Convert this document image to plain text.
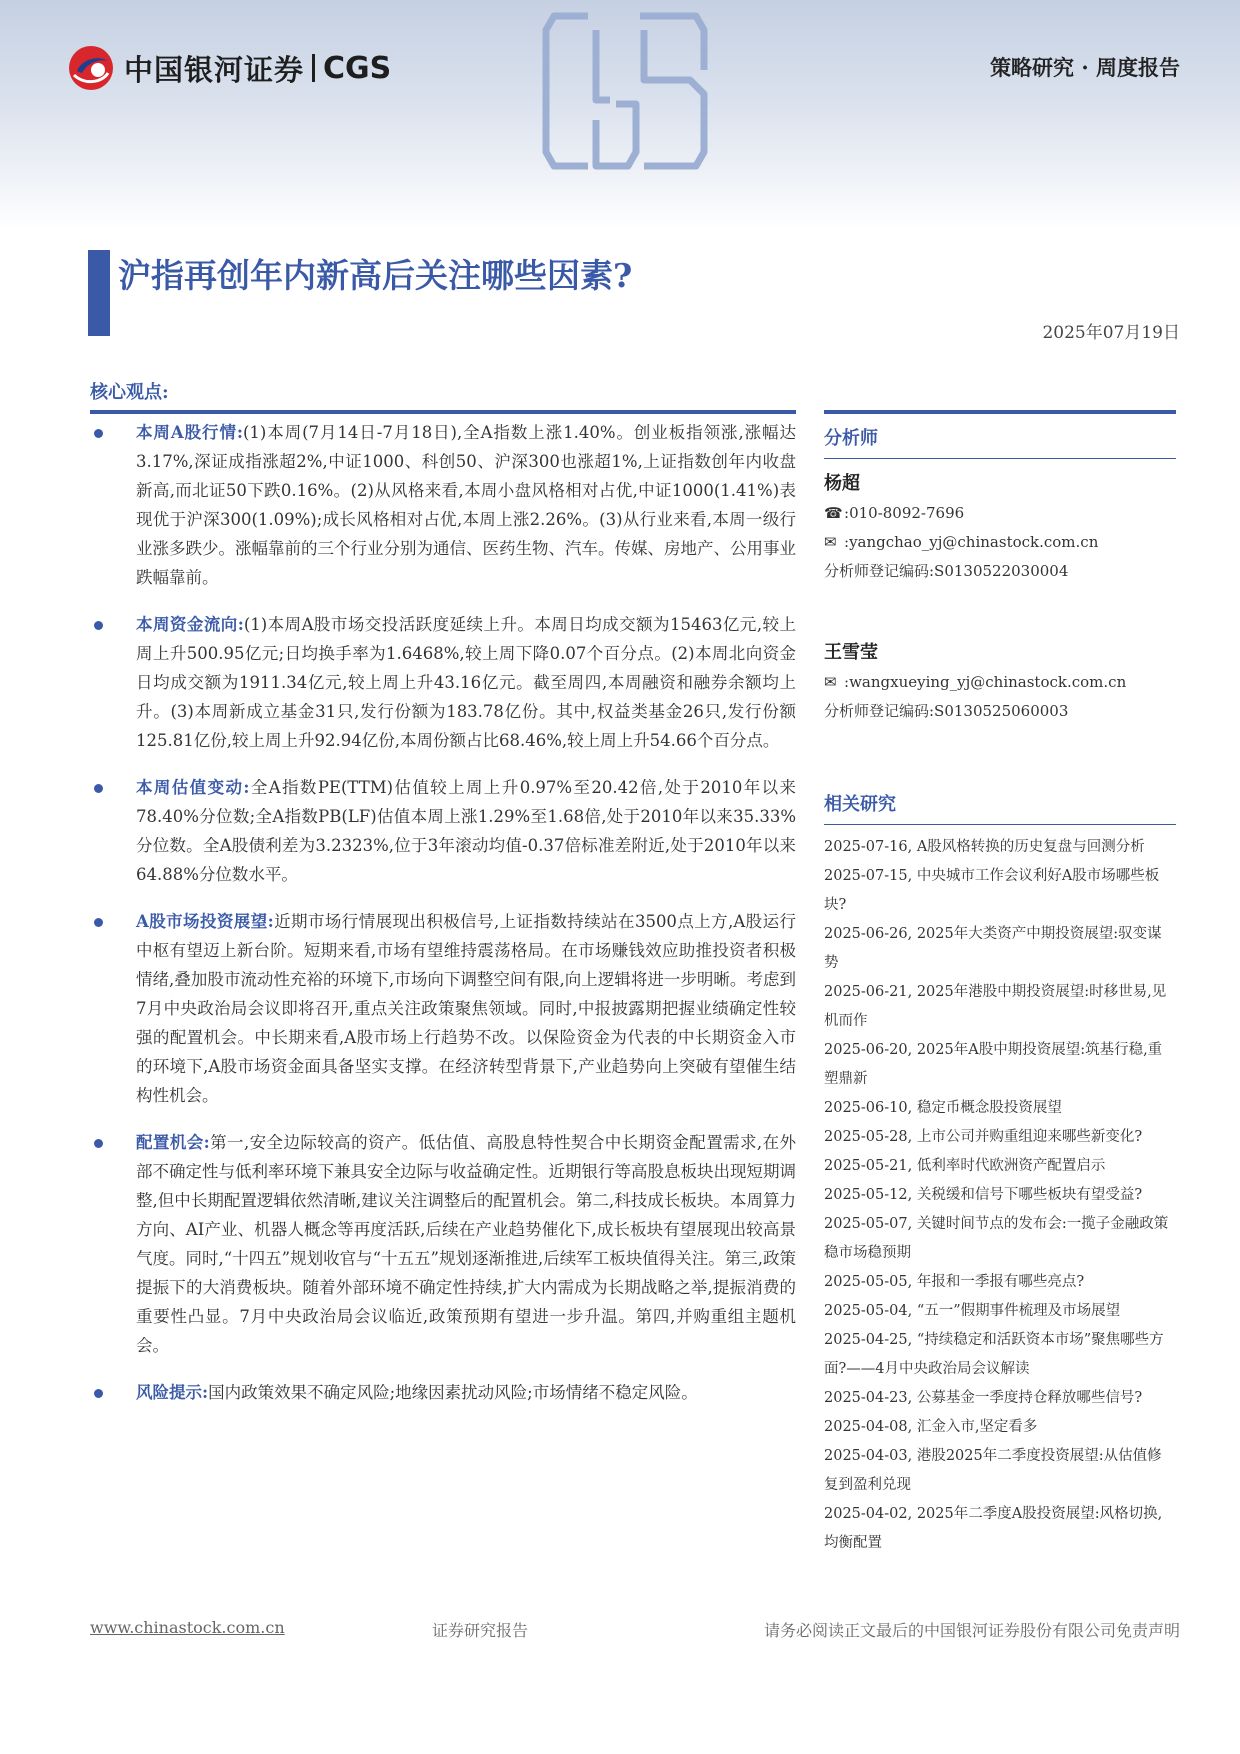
中国银河证券 CGS	策略研究 · 周度报告
沪指再创年内新高后关注哪些因素?
2025年07月19日
核心观点:
本周A股行情:(1)本周(7月14日-7月18日),全A指数上涨1.40%。创业板指领涨,涨幅达3.17%,深证成指涨超2%,中证1000、科创50、沪深300也涨超1%,上证指数创年内收盘新高,而北证50下跌0.16%。(2)从风格来看,本周小盘风格相对占优,中证1000(1.41%)表现优于沪深300(1.09%);成长风格相对占优,本周上涨2.26%。(3)从行业来看,本周一级行业涨多跌少。涨幅靠前的三个行业分别为通信、医药生物、汽车。传媒、房地产、公用事业跌幅靠前。
本周资金流向:(1)本周A股市场交投活跃度延续上升。本周日均成交额为15463亿元,较上周上升500.95亿元;日均换手率为1.6468%,较上周下降0.07个百分点。(2)本周北向资金日均成交额为1911.34亿元,较上周上升43.16亿元。截至周四,本周融资和融券余额均上升。(3)本周新成立基金31只,发行份额为183.78亿份。其中,权益类基金26只,发行份额125.81亿份,较上周上升92.94亿份,本周份额占比68.46%,较上周上升54.66个百分点。
本周估值变动:全A指数PE(TTM)估值较上周上升0.97%至20.42倍,处于2010年以来78.40%分位数;全A指数PB(LF)估值本周上涨1.29%至1.68倍,处于2010年以来35.33%分位数。全A股债利差为3.2323%,位于3年滚动均值-0.37倍标准差附近,处于2010年以来64.88%分位数水平。
A股市场投资展望:近期市场行情展现出积极信号,上证指数持续站在3500点上方,A股运行中枢有望迈上新台阶。短期来看,市场有望维持震荡格局。在市场赚钱效应助推投资者积极情绪,叠加股市流动性充裕的环境下,市场向下调整空间有限,向上逻辑将进一步明晰。考虑到7月中央政治局会议即将召开,重点关注政策聚焦领域。同时,中报披露期把握业绩确定性较强的配置机会。中长期来看,A股市场上行趋势不改。以保险资金为代表的中长期资金入市的环境下,A股市场资金面具备坚实支撑。在经济转型背景下,产业趋势向上突破有望催生结构性机会。
配置机会:第一,安全边际较高的资产。低估值、高股息特性契合中长期资金配置需求,在外部不确定性与低利率环境下兼具安全边际与收益确定性。近期银行等高股息板块出现短期调整,但中长期配置逻辑依然清晰,建议关注调整后的配置机会。第二,科技成长板块。本周算力方向、AI产业、机器人概念等再度活跃,后续在产业趋势催化下,成长板块有望展现出较高景气度。同时,“十四五”规划收官与“十五五”规划逐渐推进,后续军工板块值得关注。第三,政策提振下的大消费板块。随着外部环境不确定性持续,扩大内需成为长期战略之举,提振消费的重要性凸显。7月中央政治局会议临近,政策预期有望进一步升温。第四,并购重组主题机会。
风险提示:国内政策效果不确定风险;地缘因素扰动风险;市场情绪不稳定风险。
分析师
杨超
☎ : 010-8092-7696
✉ : yangchao_yj@chinastock.com.cn
分析师登记编码:S0130522030004
王雪莹
✉ : wangxueying_yj@chinastock.com.cn
分析师登记编码:S0130525060003
相关研究
2025-07-16, A股风格转换的历史复盘与回测分析
2025-07-15, 中央城市工作会议利好A股市场哪些板块?
2025-06-26, 2025年大类资产中期投资展望:驭变谋势
2025-06-21, 2025年港股中期投资展望:时移世易,见机而作
2025-06-20, 2025年A股中期投资展望:筑基行稳,重塑鼎新
2025-06-10, 稳定币概念股投资展望
2025-05-28, 上市公司并购重组迎来哪些新变化?
2025-05-21, 低利率时代欧洲资产配置启示
2025-05-12, 关税缓和信号下哪些板块有望受益?
2025-05-07, 关键时间节点的发布会:一揽子金融政策稳市场稳预期
2025-05-05, 年报和一季报有哪些亮点?
2025-05-04, “五一”假期事件梳理及市场展望
2025-04-25, “持续稳定和活跃资本市场”聚焦哪些方面?——4月中央政治局会议解读
2025-04-23, 公募基金一季度持仓释放哪些信号?
2025-04-08, 汇金入市,坚定看多
2025-04-03, 港股2025年二季度投资展望:从估值修复到盈利兑现
2025-04-02, 2025年二季度A股投资展望:风格切换,均衡配置
www.chinastock.com.cn	证券研究报告	请务必阅读正文最后的中国银河证券股份有限公司免责声明
